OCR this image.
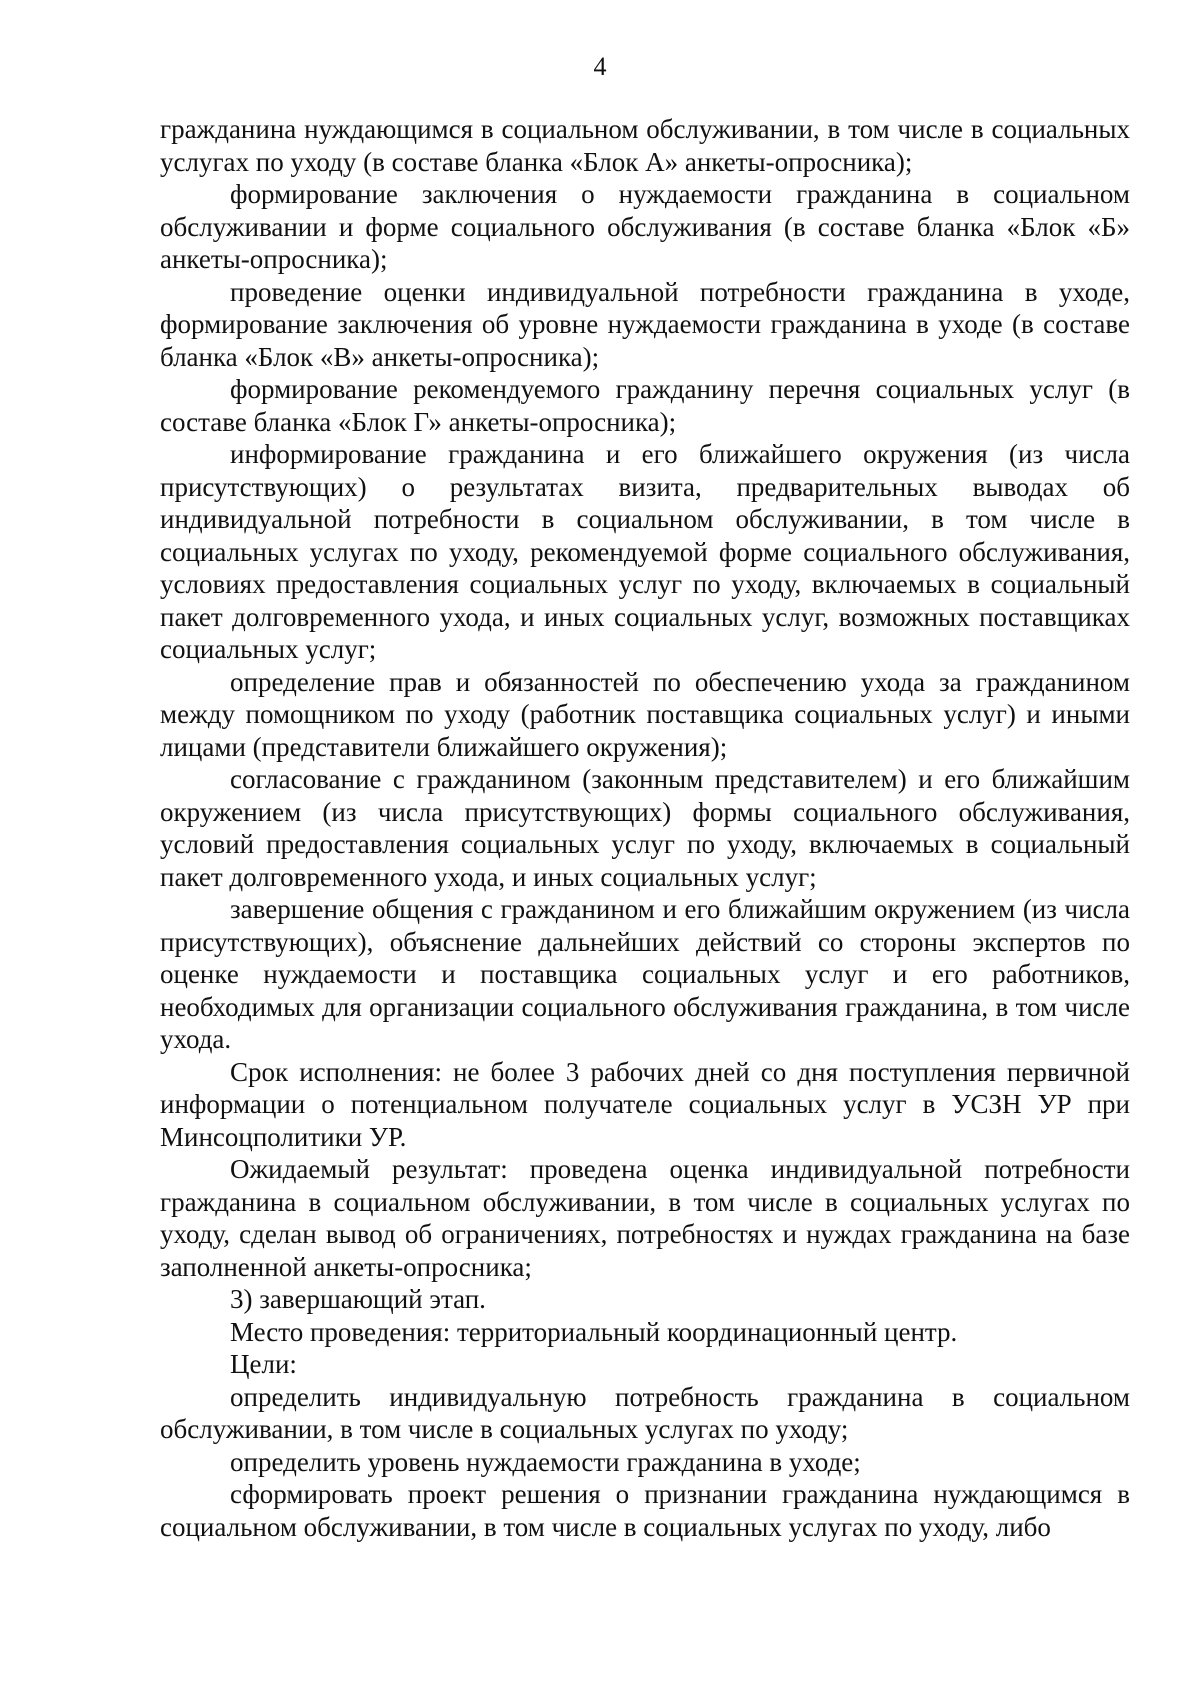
4

гражданина нуждающимся в социальном обслуживании, в том числе в социальных услугах по уходу (в составе бланка «Блок А» анкеты-опросника);

формирование заключения о нуждаемости гражданина в социальном обслуживании и форме социального обслуживания (в составе бланка «Блок «Б» анкеты-опросника);

проведение оценки индивидуальной потребности гражданина в уходе, формирование заключения об уровне нуждаемости гражданина в уходе (в составе бланка «Блок «В» анкеты-опросника);

формирование рекомендуемого гражданину перечня социальных услуг (в составе бланка «Блок Г» анкеты-опросника);

информирование гражданина и его ближайшего окружения (из числа присутствующих) о результатах визита, предварительных выводах об индивидуальной потребности в социальном обслуживании, в том числе в социальных услугах по уходу, рекомендуемой форме социального обслуживания, условиях предоставления социальных услуг по уходу, включаемых в социальный пакет долговременного ухода, и иных социальных услуг, возможных поставщиках социальных услуг;

определение прав и обязанностей по обеспечению ухода за гражданином между помощником по уходу (работник поставщика социальных услуг) и иными лицами (представители ближайшего окружения);

согласование с гражданином (законным представителем) и его ближайшим окружением (из числа присутствующих) формы социального обслуживания, условий предоставления социальных услуг по уходу, включаемых в социальный пакет долговременного ухода, и иных социальных услуг;

завершение общения с гражданином и его ближайшим окружением (из числа присутствующих), объяснение дальнейших действий со стороны экспертов по оценке нуждаемости и поставщика социальных услуг и его работников, необходимых для организации социального обслуживания гражданина, в том числе ухода.

Срок исполнения: не более 3 рабочих дней со дня поступления первичной информации о потенциальном получателе социальных услуг в УСЗН УР при Минсоцполитики УР.

Ожидаемый результат: проведена оценка индивидуальной потребности гражданина в социальном обслуживании, в том числе в социальных услугах по уходу, сделан вывод об ограничениях, потребностях и нуждах гражданина на базе заполненной анкеты-опросника;

3) завершающий этап.

Место проведения: территориальный координационный центр.

Цели:

определить индивидуальную потребность гражданина в социальном обслуживании, в том числе в социальных услугах по уходу;

определить уровень нуждаемости гражданина в уходе;

сформировать проект решения о признании гражданина нуждающимся в социальном обслуживании, в том числе в социальных услугах по уходу, либо
